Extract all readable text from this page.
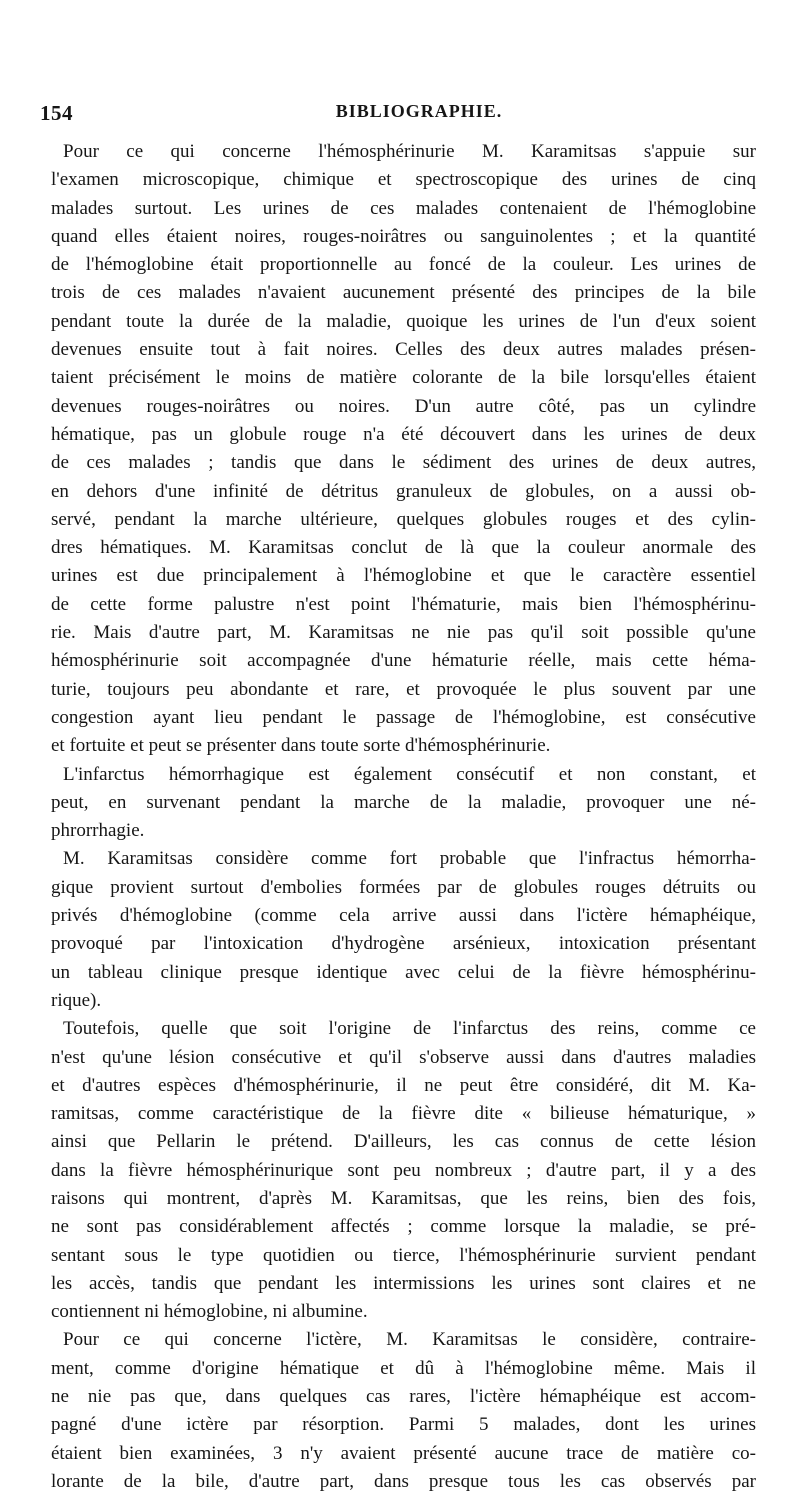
154	BIBLIOGRAPHIE.
Pour ce qui concerne l'hémosphérinurie M. Karamitsas s'appuie sur
l'examen microscopique, chimique et spectroscopique des urines de cinq
malades surtout. Les urines de ces malades contenaient de l'hémoglobine
quand elles étaient noires, rouges-noirâtres ou sanguinolentes ; et la quantité
de l'hémoglobine était proportionnelle au foncé de la couleur. Les urines de
trois de ces malades n'avaient aucunement présenté des principes de la bile
pendant toute la durée de la maladie, quoique les urines de l'un d'eux soient
devenues ensuite tout à fait noires. Celles des deux autres malades présen-
taient précisément le moins de matière colorante de la bile lorsqu'elles étaient
devenues rouges-noirâtres ou noires. D'un autre côté, pas un cylindre
hématique, pas un globule rouge n'a été découvert dans les urines de deux
de ces malades ; tandis que dans le sédiment des urines de deux autres,
en dehors d'une infinité de détritus granuleux de globules, on a aussi ob-
servé, pendant la marche ultérieure, quelques globules rouges et des cylin-
dres hématiques. M. Karamitsas conclut de là que la couleur anormale des
urines est due principalement à l'hémoglobine et que le caractère essentiel
de cette forme palustre n'est point l'hématurie, mais bien l'hémosphérinu-
rie. Mais d'autre part, M. Karamitsas ne nie pas qu'il soit possible qu'une
hémosphérinurie soit accompagnée d'une hématurie réelle, mais cette héma-
turie, toujours peu abondante et rare, et provoquée le plus souvent par une
congestion ayant lieu pendant le passage de l'hémoglobine, est consécutive
et fortuite et peut se présenter dans toute sorte d'hémosphérinurie.
L'infarctus hémorrhagique est également consécutif et non constant, et
peut, en survenant pendant la marche de la maladie, provoquer une né-
phrorrhagie.
M. Karamitsas considère comme fort probable que l'infractus hémorrha-
gique provient surtout d'embolies formées par de globules rouges détruits ou
privés d'hémoglobine (comme cela arrive aussi dans l'ictère hémaphéique,
provoqué par l'intoxication d'hydrogène arsénieux, intoxication présentant
un tableau clinique presque identique avec celui de la fièvre hémosphérinu-
rique).
Toutefois, quelle que soit l'origine de l'infarctus des reins, comme ce
n'est qu'une lésion consécutive et qu'il s'observe aussi dans d'autres maladies
et d'autres espèces d'hémosphérinurie, il ne peut être considéré, dit M. Ka-
ramitsas, comme caractéristique de la fièvre dite « bilieuse hématurique, »
ainsi que Pellarin le prétend. D'ailleurs, les cas connus de cette lésion
dans la fièvre hémosphérinurique sont peu nombreux ; d'autre part, il y a des
raisons qui montrent, d'après M. Karamitsas, que les reins, bien des fois,
ne sont pas considérablement affectés ; comme lorsque la maladie, se pré-
sentant sous le type quotidien ou tierce, l'hémosphérinurie survient pendant
les accès, tandis que pendant les intermissions les urines sont claires et ne
contiennent ni hémoglobine, ni albumine.
Pour ce qui concerne l'ictère, M. Karamitsas le considère, contraire-
ment, comme d'origine hématique et dû à l'hémoglobine même. Mais il
ne nie pas que, dans quelques cas rares, l'ictère hémaphéique est accom-
pagné d'une ictère par résorption. Parmi 5 malades, dont les urines
étaient bien examinées, 3 n'y avaient présenté aucune trace de matière co-
lorante de la bile, d'autre part, dans presque tous les cas observés par
